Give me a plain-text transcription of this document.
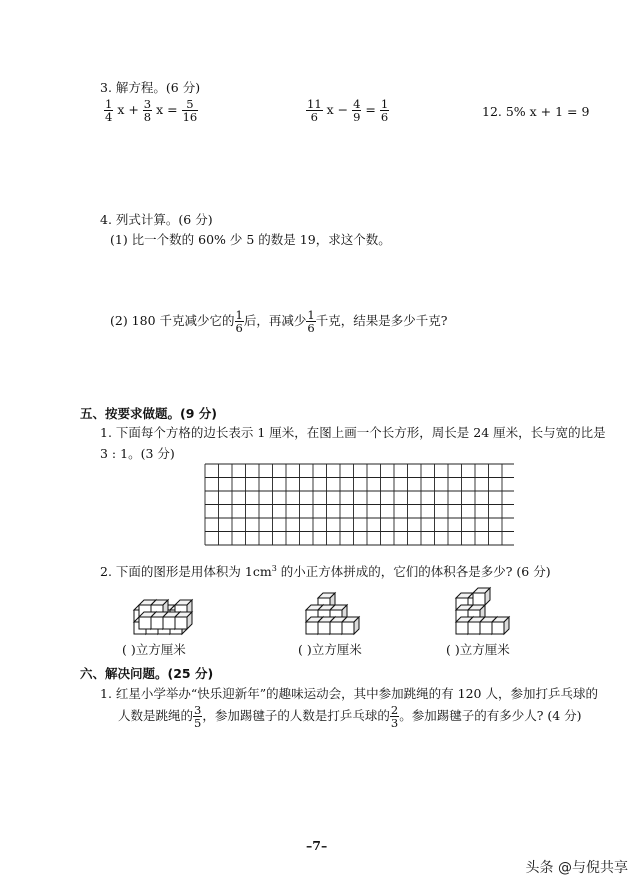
3. 解方程。(6 分)
$\frac{1}{4}$ $x + \frac{3}{8}$ $x = \frac{5}{16}$	$\frac{11}{6}$ $x - \frac{4}{9} = \frac{1}{6}$	12. 5% x + 1 = 9
4. 列式计算。(6 分)
(1) 比一个数的 60% 少 5 的数是 19，求这个数。
(2) 180 千克减少它的 $\frac{1}{6}$ 后，再减少 $\frac{1}{6}$ 千克，结果是多少千克?
五、按要求做题。(9 分)
1. 下面每个方格的边长表示 1 厘米，在图上画一个长方形，周长是 24 厘米，长与宽的比是
3 : 1。(3 分)
2. 下面的图形是用体积为 $1cm^3$ 的小正方体拼成的，它们的体积各是多少? (6 分)
( )立方厘米	( )立方厘米	( )立方厘米
六、解决问题。(25 分)
1. 红星小学举办“快乐迎新年”的趣味运动会，其中参加跳绳的有 120 人，参加打乒乓球的
人数是跳绳的 $\frac{3}{5}$ ，参加踢毽子的人数是打乒乓球的 $\frac{2}{3}$ 。参加踢毽子的有多少人? (4 分)
–7–
头条 @与倪共享
